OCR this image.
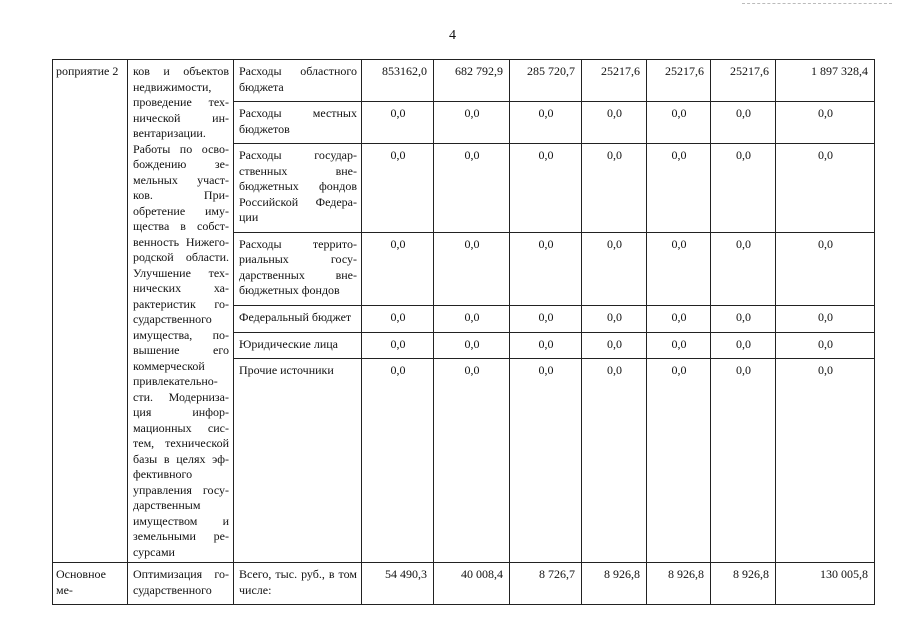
4
роприятие 2	ков и объектов недвижимости, проведение тех-нической ин-вентаризации. Работы по осво-бождению зе-мельных участ-ков. При-обретение иму-щества в собст-венность Нижего-родской области. Улучшение тех-нических ха-рактеристик го-сударственного имущества, по-вышение его коммерческой привлекательно-сти. Модерниза-ция инфор-мационных сис-тем, технической базы в целях эф-фективного управления госу-дарственным имуществом и земельными ре-сурсами	Расходы областного бюджета	853162,0	682 792,9	285 720,7	25217,6	25217,6	25217,6	1 897 328,4
		Расходы местных бюджетов	0,0	0,0	0,0	0,0	0,0	0,0	0,0
		Расходы государ-ственных вне-бюджетных фондов Российской Федера-ции	0,0	0,0	0,0	0,0	0,0	0,0	0,0
		Расходы террито-риальных госу-дарственных вне-бюджетных фондов	0,0	0,0	0,0	0,0	0,0	0,0	0,0
		Федеральный бюджет	0,0	0,0	0,0	0,0	0,0	0,0	0,0
		Юридические лица	0,0	0,0	0,0	0,0	0,0	0,0	0,0
		Прочие источники	0,0	0,0	0,0	0,0	0,0	0,0	0,0
Основное ме-	Оптимизация го-сударственного	Всего, тыс. руб., в том числе:	54 490,3	40 008,4	8 726,7	8 926,8	8 926,8	8 926,8	130 005,8
